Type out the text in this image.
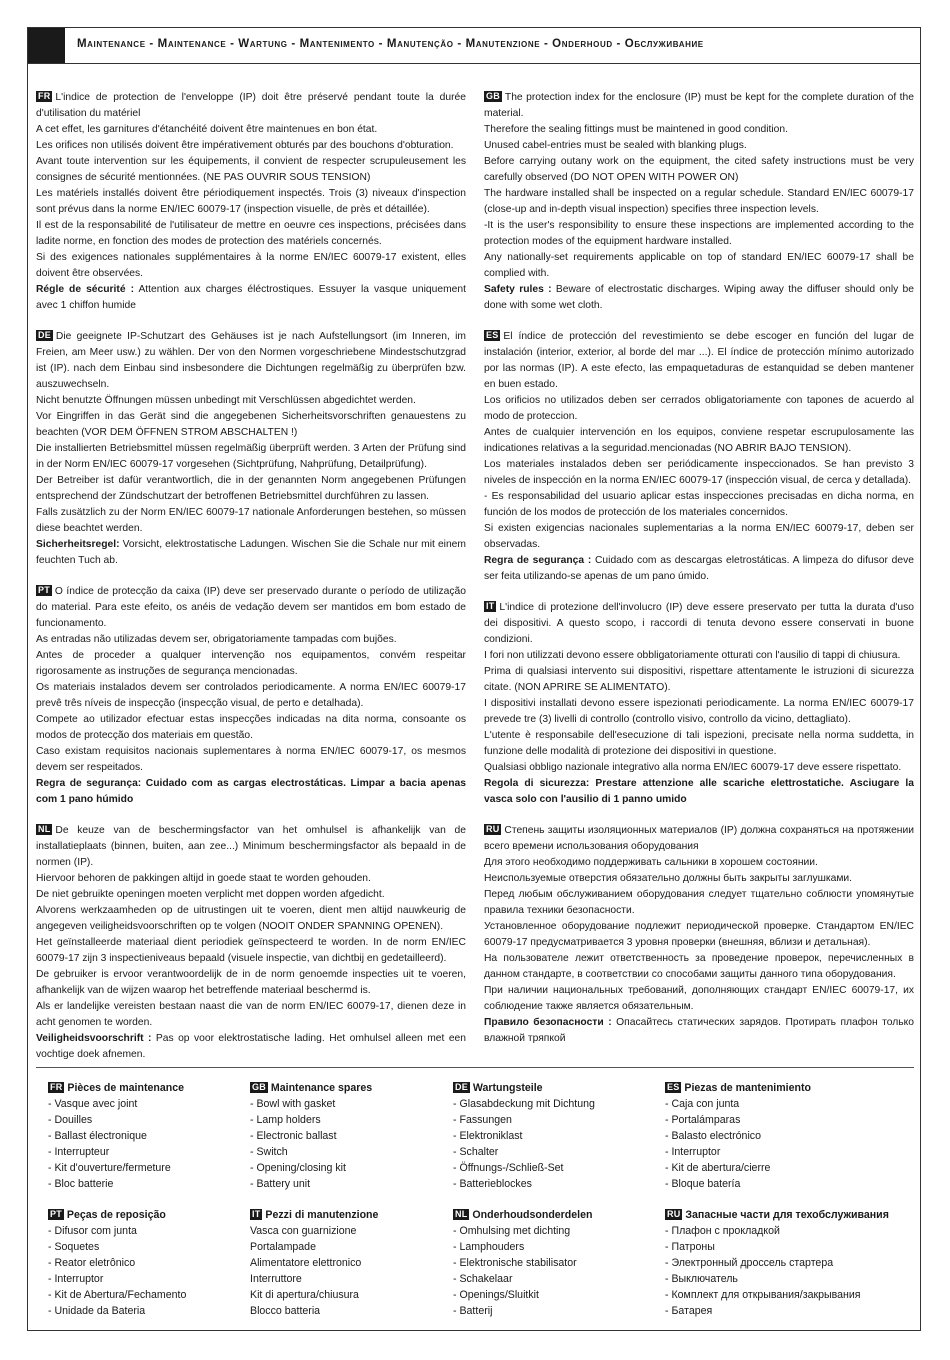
Maintenance - Maintenance - Wartung - Mantenimento - Manutenção - Manutenzione - Onderhoud - Обслуживание

FR L'indice de protection de l'enveloppe (IP) doit être préservé pendant toute la durée d'utilisation du matériel

A cet effet, les garnitures d'étanchéité doivent être maintenues en bon état.

Les orifices non utilisés doivent être impérativement obturés par des bouchons d'obturation.

Avant toute intervention sur les équipements, il convient de respecter scrupuleusement les consignes de sécurité mentionnées. (NE PAS OUVRIR SOUS TENSION)

Les matériels installés doivent être périodiquement inspectés. Trois (3) niveaux d'inspection sont prévus dans la norme EN/IEC 60079-17 (inspection visuelle, de près et détaillée).

Il est de la responsabilité de l'utilisateur de mettre en oeuvre ces inspections, précisées dans ladite norme, en fonction des modes de protection des matériels concernés.

Si des exigences nationales supplémentaires à la norme EN/IEC 60079-17 existent, elles doivent être observées.

Régle de sécurité : Attention aux charges éléctrostiques. Essuyer la vasque uniquement avec 1 chiffon humide

DE Die geeignete IP-Schutzart des Gehäuses ist je nach Aufstellungsort (im Inneren, im Freien, am Meer usw.) zu wählen. Der von den Normen vorgeschriebene Mindestschutzgrad ist (IP). nach dem Einbau sind insbesondere die Dichtungen regelmäßig zu überprüfen bzw. auszuwechseln.

Nicht benutzte Öffnungen müssen unbedingt mit Verschlüssen abgedichtet werden.

Vor Eingriffen in das Gerät sind die angegebenen Sicherheitsvorschriften genauestens zu beachten (VOR DEM ÖFFNEN STROM ABSCHALTEN !)

Die installierten Betriebsmittel müssen regelmäßig überprüft werden. 3 Arten der Prüfung sind in der Norm EN/IEC 60079-17 vorgesehen (Sichtprüfung, Nahprüfung, Detailprüfung).

Der Betreiber ist dafür verantwortlich, die in der genannten Norm angegebenen Prüfungen entsprechend der Zündschutzart der betroffenen Betriebsmittel durchführen zu lassen.

Falls zusätzlich zu der Norm EN/IEC 60079-17 nationale Anforderungen bestehen, so müssen diese beachtet werden.

Sicherheitsregel: Vorsicht, elektrostatische Ladungen. Wischen Sie die Schale nur mit einem feuchten Tuch ab.

PT O índice de protecção da caixa (IP) deve ser preservado durante o período de utilização do material. Para este efeito, os anéis de vedação devem ser mantidos em bom estado de funcionamento.

As entradas não utilizadas devem ser, obrigatoriamente tampadas com bujões.

Antes de proceder a qualquer intervenção nos equipamentos, convém respeitar rigorosamente as instruções de segurança mencionadas.

Os materiais instalados devem ser controlados periodicamente. A norma EN/IEC 60079-17 prevê três níveis de inspecção (inspecção visual, de perto e detalhada).

Compete ao utilizador efectuar estas inspecções indicadas na dita norma, consoante os modos de protecção dos materiais em questão.

Caso existam requisitos nacionais suplementares à norma EN/IEC 60079-17, os mesmos devem ser respeitados.

Regra de segurança: Cuidado com as cargas electrostáticas. Limpar a bacia apenas com 1 pano húmido

NL De keuze van de beschermingsfactor van het omhulsel is afhankelijk van de installatieplaats (binnen, buiten, aan zee...) Minimum beschermingsfactor als bepaald in de normen (IP).

Hiervoor behoren de pakkingen altijd in goede staat te worden gehouden.

De niet gebruikte openingen moeten verplicht met doppen worden afgedicht.

Alvorens werkzaamheden op de uitrustingen uit te voeren, dient men altijd nauwkeurig de angegeven veiligheidsvoorschriften op te volgen (NOOIT ONDER SPANNING OPENEN).

Het geïnstalleerde materiaal dient periodiek geïnspecteerd te worden. In de norm EN/IEC 60079-17 zijn 3 inspectieniveaus bepaald (visuele inspectie, van dichtbij en gedetailleerd).

De gebruiker is ervoor verantwoordelijk de in de norm genoemde inspecties uit te voeren, afhankelijk van de wijzen waarop het betreffende materiaal beschermd is.

Als er landelijke vereisten bestaan naast die van de norm EN/IEC 60079-17, dienen deze in acht genomen te worden.

Veiligheidsvoorschrift : Pas op voor elektrostatische lading. Het omhulsel alleen met een vochtige doek afnemen.

GB The protection index for the enclosure (IP) must be kept for the complete duration of the material.

Therefore the sealing fittings must be maintened in good condition.

Unused cabel-entries must be sealed with blanking plugs.

Before carrying outany work on the equipment, the cited safety instructions must be very carefully observed (DO NOT OPEN WITH POWER ON)

The hardware installed shall be inspected on a regular schedule. Standard EN/IEC 60079-17 (close-up and in-depth visual inspection) specifies three inspection levels.

-It is the user's responsibility to ensure these inspections are implemented according to the protection modes of the equipment hardware installed.

Any nationally-set requirements applicable on top of standard EN/IEC 60079-17 shall be complied with.

Safety rules : Beware of electrostatic discharges. Wiping away the diffuser should only be done with some wet cloth.

ES El índice de protección del revestimiento se debe escoger en función del lugar de instalación (interior, exterior, al borde del mar ...). El índice de protección mínimo autorizado por las normas (IP). A este efecto, las empaquetaduras de estanquidad se deben mantener en buen estado.

Los orificios no utilizados deben ser cerrados obligatoriamente con tapones de acuerdo al modo de proteccion.

Antes de cualquier intervención en los equipos, conviene respetar escrupulosamente las indicationes relativas a la seguridad.mencionadas (NO ABRIR BAJO TENSION).

Los materiales instalados deben ser periódicamente inspeccionados. Se han previsto 3 niveles de inspección en la norma EN/IEC 60079-17 (inspección visual, de cerca y detallada).

- Es responsabilidad del usuario aplicar estas inspecciones precisadas en dicha norma, en función de los modos de protección de los materiales concernidos.

Si existen exigencias nacionales suplementarias a la norma EN/IEC 60079-17, deben ser observadas.

Regra de segurança : Cuidado com as descargas eletrostáticas. A limpeza do difusor deve ser feita utilizando-se apenas de um pano úmido.

IT L'indice di protezione dell'involucro (IP) deve essere preservato per tutta la durata d'uso dei dispositivi. A questo scopo, i raccordi di tenuta devono essere conservati in buone condizioni.

I fori non utilizzati devono essere obbligatoriamente otturati con l'ausilio di tappi di chiusura.

Prima di qualsiasi intervento sui dispositivi, rispettare attentamente le istruzioni di sicurezza citate. (NON APRIRE SE ALIMENTATO).

I dispositivi installati devono essere ispezionati periodicamente. La norma EN/IEC 60079-17 prevede tre (3) livelli di controllo (controllo visivo, controllo da vicino, dettagliato).

L'utente è responsabile dell'esecuzione di tali ispezioni, precisate nella norma suddetta, in funzione delle modalità di protezione dei dispositivi in questione.

Qualsiasi obbligo nazionale integrativo alla norma EN/IEC 60079-17 deve essere rispettato.

Regola di sicurezza: Prestare attenzione alle scariche elettrostatiche. Asciugare la vasca solo con l'ausilio di 1 panno umido

RU Степень защиты изоляционных материалов (IP) должна сохраняться на протяжении всего времени использования оборудования

Для этого необходимо поддерживать сальники в хорошем состоянии.

Неиспользуемые отверстия обязательно должны быть закрыты заглушками.

Перед любым обслуживанием оборудования следует тщательно соблюсти упомянутые правила техники безопасности.

Установленное оборудование подлежит периодической проверке. Стандартом EN/IEC 60079-17 предусматривается 3 уровня проверки (внешняя, вблизи и детальная).

На пользователе лежит ответственность за проведение проверок, перечисленных в данном стандарте, в соответствии со способами защиты данного типа оборудования.

При наличии национальных требований, дополняющих стандарт EN/IEC 60079-17, их соблюдение также является обязательным.

Правило безопасности : Опасайтесь статических зарядов. Протирать плафон только влажной тряпкой

FR Pièces de maintenance
- Vasque avec joint
- Douilles
- Ballast électronique
- Interrupteur
- Kit d'ouverture/fermeture
- Bloc batterie
GB Maintenance spares
- Bowl with gasket
- Lamp holders
- Electronic ballast
- Switch
- Opening/closing kit
- Battery unit
DE Wartungsteile
- Glasabdeckung mit Dichtung
- Fassungen
- Elektroniklast
- Schalter
- Öffnungs-/Schließ-Set
- Batterieblockes
ES Piezas de mantenimiento
- Caja con junta
- Portalámparas
- Balasto electrónico
- Interruptor
- Kit de abertura/cierre
- Bloque batería
PT Peças de reposição
- Difusor com junta
- Soquetes
- Reator eletrônico
- Interruptor
- Kit de Abertura/Fechamento
- Unidade da Bateria
IT Pezzi di manutenzione
Vasca con guarnizione
Portalampade
Alimentatore elettronico
Interruttore
Kit di apertura/chiusura
Blocco batteria
NL Onderhoudsonderdelen
- Omhulsing met dichting
- Lamphouders
- Elektronische stabilisator
- Schakelaar
- Openings/Sluitkit
- Batterij
RU Запасные части для техобслуживания
- Плафон с прокладкой
- Патроны
- Электронный дроссель стартера
- Выключатель
- Комплект для открывания/закрывания
- Батарея
